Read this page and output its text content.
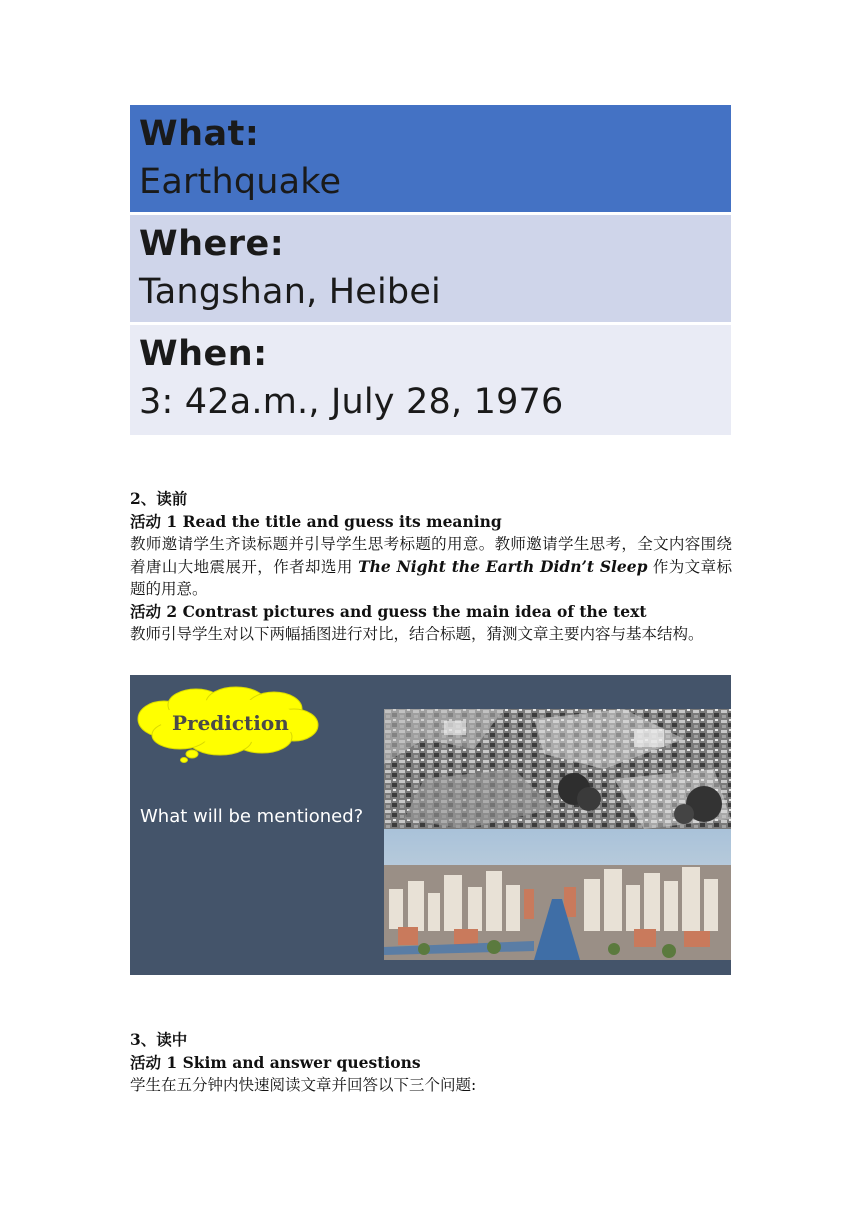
What:
Earthquake
Where:
Tangshan, Heibei
When:
3: 42a.m., July 28, 1976
2、读前
活动 1 Read the title and guess its meaning
教师邀请学生齐读标题并引导学生思考标题的用意。教师邀请学生思考，全文内容围绕着唐山大地震展开，作者却选用 The Night the Earth Didn’t Sleep 作为文章标题的用意。
活动 2 Contrast pictures and guess the main idea of the text
教师引导学生对以下两幅插图进行对比，结合标题，猜测文章主要内容与基本结构。
Prediction
What will be mentioned?
3、读中
活动 1 Skim and answer questions
学生在五分钟内快速阅读文章并回答以下三个问题:
